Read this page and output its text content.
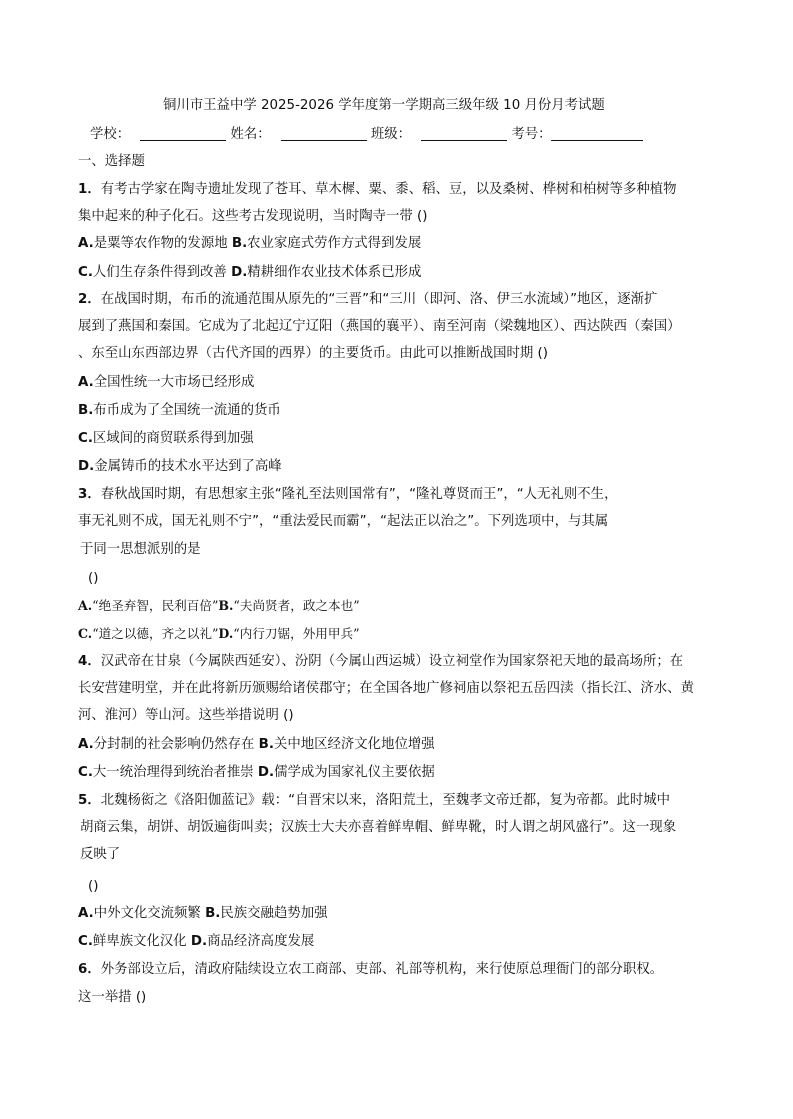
铜川市王益中学 2025-2026 学年度第一学期高三级年级 10 月份月考试题
学校：	姓名：	班级：	考号：
一、选择题
1．有考古学家在陶寺遗址发现了苍耳、草木樨、粟、黍、稻、豆，以及桑树、桦树和柏树等多种植物
集中起来的种子化石。这些考古发现说明，当时陶寺一带 ()
A.是粟等农作物的发源地 B.农业家庭式劳作方式得到发展
C.人们生存条件得到改善 D.精耕细作农业技术体系已形成
2．在战国时期，布币的流通范围从原先的“三晋”和“三川（即河、洛、伊三水流域）”地区，逐渐扩
展到了燕国和秦国。它成为了北起辽宁辽阳（燕国的襄平）、南至河南（梁魏地区）、西达陕西（秦国）
、东至山东西部边界（古代齐国的西界）的主要货币。由此可以推断战国时期 ()
A.全国性统一大市场已经形成
B.布币成为了全国统一流通的货币
C.区域间的商贸联系得到加强
D.金属铸币的技术水平达到了高峰
3．春秋战国时期，有思想家主张“隆礼至法则国常有”，“隆礼尊贤而王”，“人无礼则不生，
事无礼则不成，国无礼则不宁”，“重法爱民而霸”，“起法正以治之”。下列选项中，与其属
于同一思想派别的是
()
A.“绝圣弃智，民利百倍”B.“夫尚贤者，政之本也”
C.“道之以德，齐之以礼”D.“内行刀锯，外用甲兵”
4．汉武帝在甘泉（今属陕西延安）、汾阴（今属山西运城）设立祠堂作为国家祭祀天地的最高场所；在
长安营建明堂，并在此将新历颁赐给诸侯郡守；在全国各地广修祠庙以祭祀五岳四渎（指长江、济水、黄
河、淮河）等山河。这些举措说明 ()
A.分封制的社会影响仍然存在 B.关中地区经济文化地位增强
C.大一统治理得到统治者推崇 D.儒学成为国家礼仪主要依据
5．北魏杨衒之《洛阳伽蓝记》载：“自晋宋以来，洛阳荒土，至魏孝文帝迁都，复为帝都。此时城中
胡商云集，胡饼、胡饭遍街叫卖；汉族士大夫亦喜着鲜卑帽、鲜卑靴，时人谓之胡风盛行”。这一现象
反映了
()
A.中外文化交流频繁 B.民族交融趋势加强
C.鲜卑族文化汉化 D.商品经济高度发展
6．外务部设立后，清政府陆续设立农工商部、吏部、礼部等机构，来行使原总理衙门的部分职权。
这一举措 ()
